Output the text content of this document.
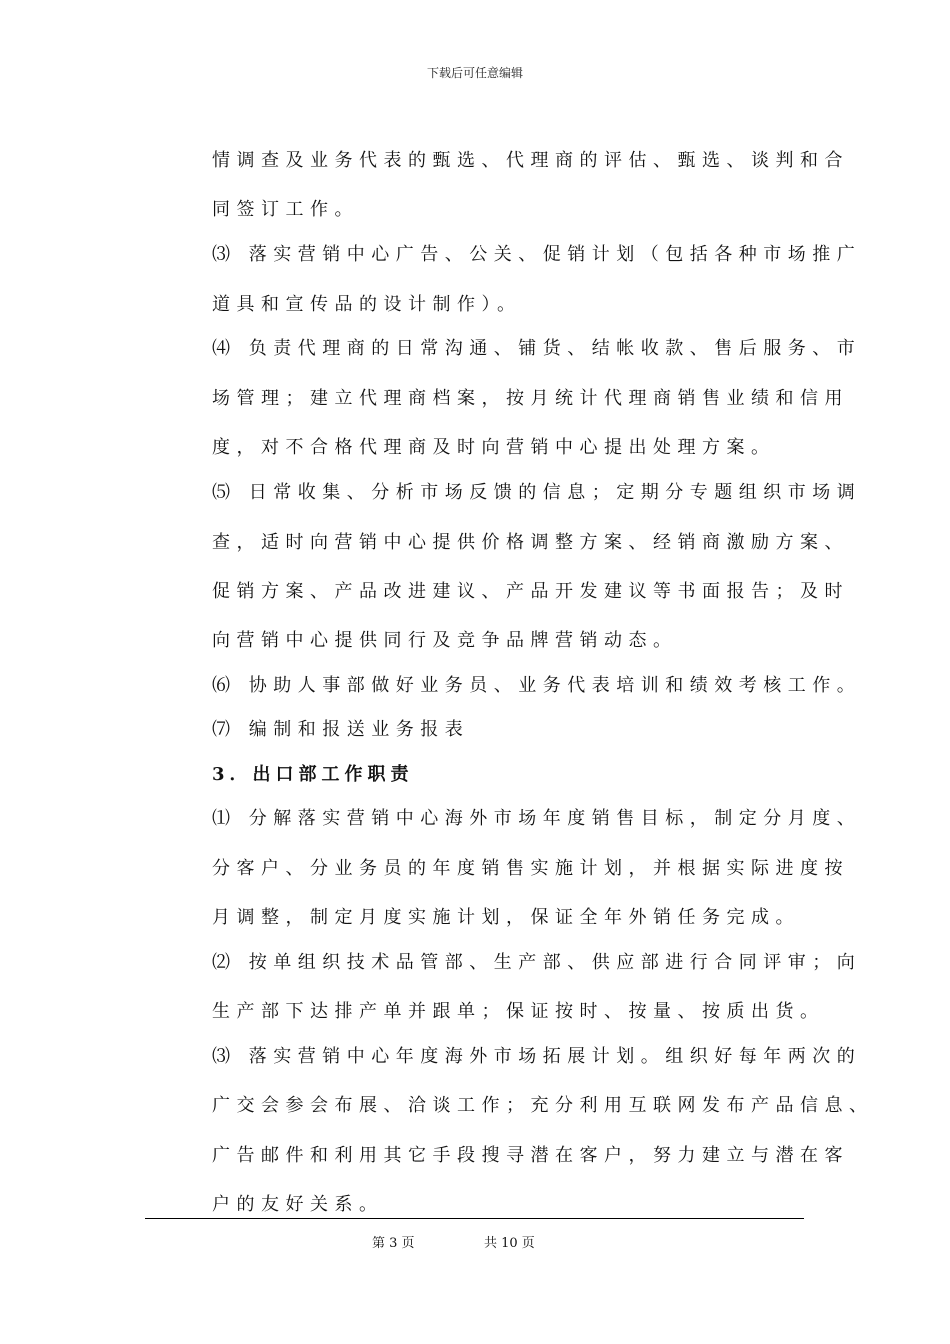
下载后可任意编辑
情调查及业务代表的甄选、代理商的评估、甄选、谈判和合
同签订工作。
⑶ 落实营销中心广告、公关、促销计划（包括各种市场推广
道具和宣传品的设计制作）。
⑷ 负责代理商的日常沟通、铺货、结帐收款、售后服务、市
场管理；建立代理商档案，按月统计代理商销售业绩和信用
度，对不合格代理商及时向营销中心提出处理方案。
⑸ 日常收集、分析市场反馈的信息；定期分专题组织市场调
查，适时向营销中心提供价格调整方案、经销商激励方案、
促销方案、产品改进建议、产品开发建议等书面报告；及时
向营销中心提供同行及竞争品牌营销动态。
⑹ 协助人事部做好业务员、业务代表培训和绩效考核工作。
⑺ 编制和报送业务报表
3．出口部工作职责
⑴ 分解落实营销中心海外市场年度销售目标，制定分月度、
分客户、分业务员的年度销售实施计划，并根据实际进度按
月调整，制定月度实施计划，保证全年外销任务完成。
⑵ 按单组织技术品管部、生产部、供应部进行合同评审；向
生产部下达排产单并跟单；保证按时、按量、按质出货。
⑶ 落实营销中心年度海外市场拓展计划。组织好每年两次的
广交会参会布展、洽谈工作；充分利用互联网发布产品信息、
广告邮件和利用其它手段搜寻潜在客户，努力建立与潜在客
户的友好关系。
第 3 页	共 10 页
